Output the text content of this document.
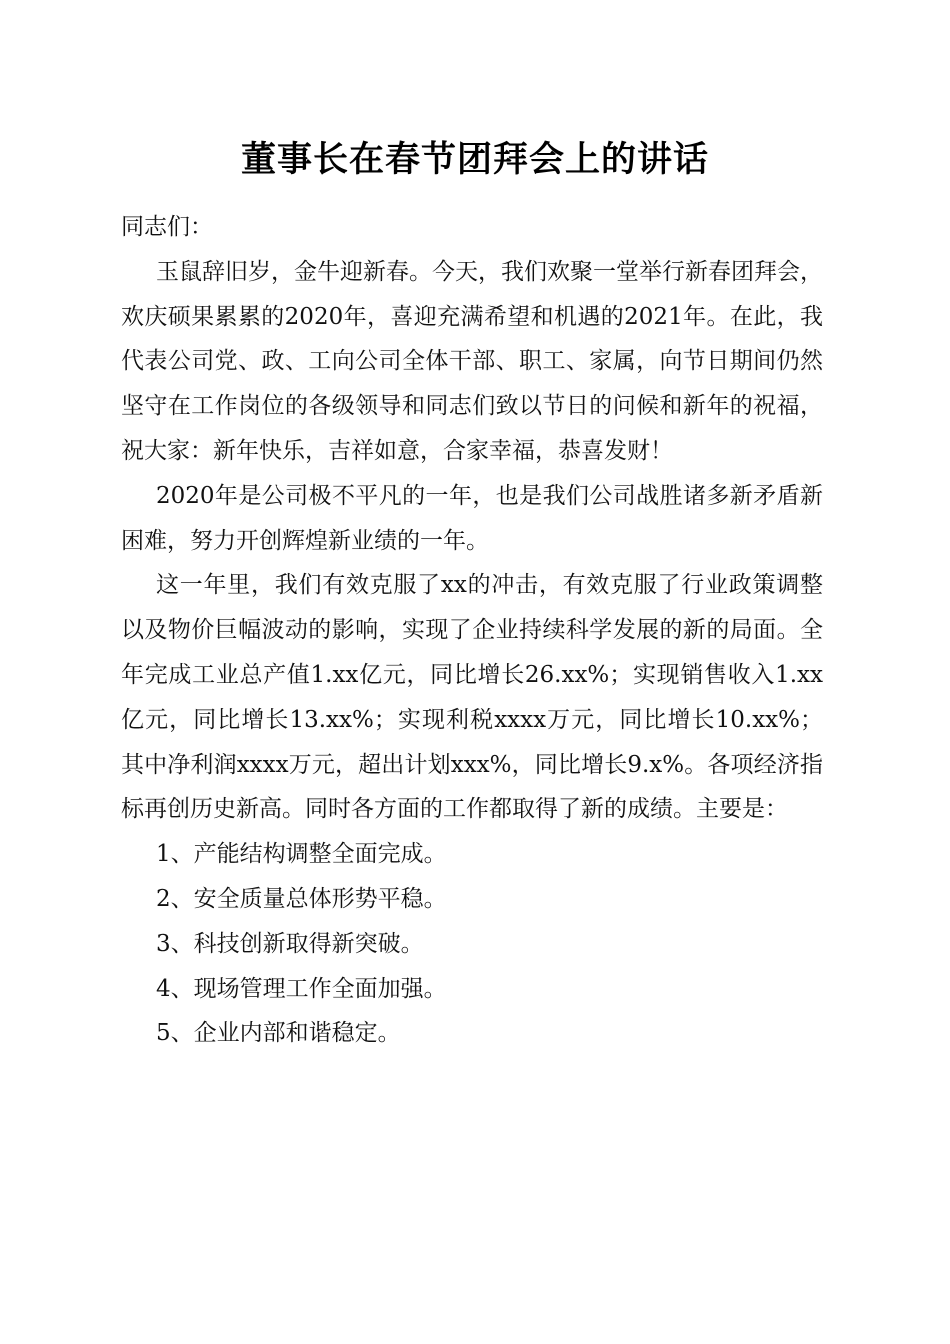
董事长在春节团拜会上的讲话

同志们：

玉鼠辞旧岁，金牛迎新春。今天，我们欢聚一堂举行新春团拜会，欢庆硕果累累的2020年，喜迎充满希望和机遇的2021年。在此，我代表公司党、政、工向公司全体干部、职工、家属，向节日期间仍然坚守在工作岗位的各级领导和同志们致以节日的问候和新年的祝福，祝大家：新年快乐，吉祥如意，合家幸福，恭喜发财！

2020年是公司极不平凡的一年，也是我们公司战胜诸多新矛盾新困难，努力开创辉煌新业绩的一年。

这一年里，我们有效克服了xx的冲击，有效克服了行业政策调整以及物价巨幅波动的影响，实现了企业持续科学发展的新的局面。全年完成工业总产值1.xx亿元，同比增长26.xx%；实现销售收入1.xx亿元，同比增长13.xx%；实现利税xxxx万元，同比增长10.xx%；其中净利润xxxx万元，超出计划xxx%，同比增长9.x%。各项经济指标再创历史新高。同时各方面的工作都取得了新的成绩。主要是：

1、产能结构调整全面完成。

2、安全质量总体形势平稳。

3、科技创新取得新突破。

4、现场管理工作全面加强。

5、企业内部和谐稳定。
